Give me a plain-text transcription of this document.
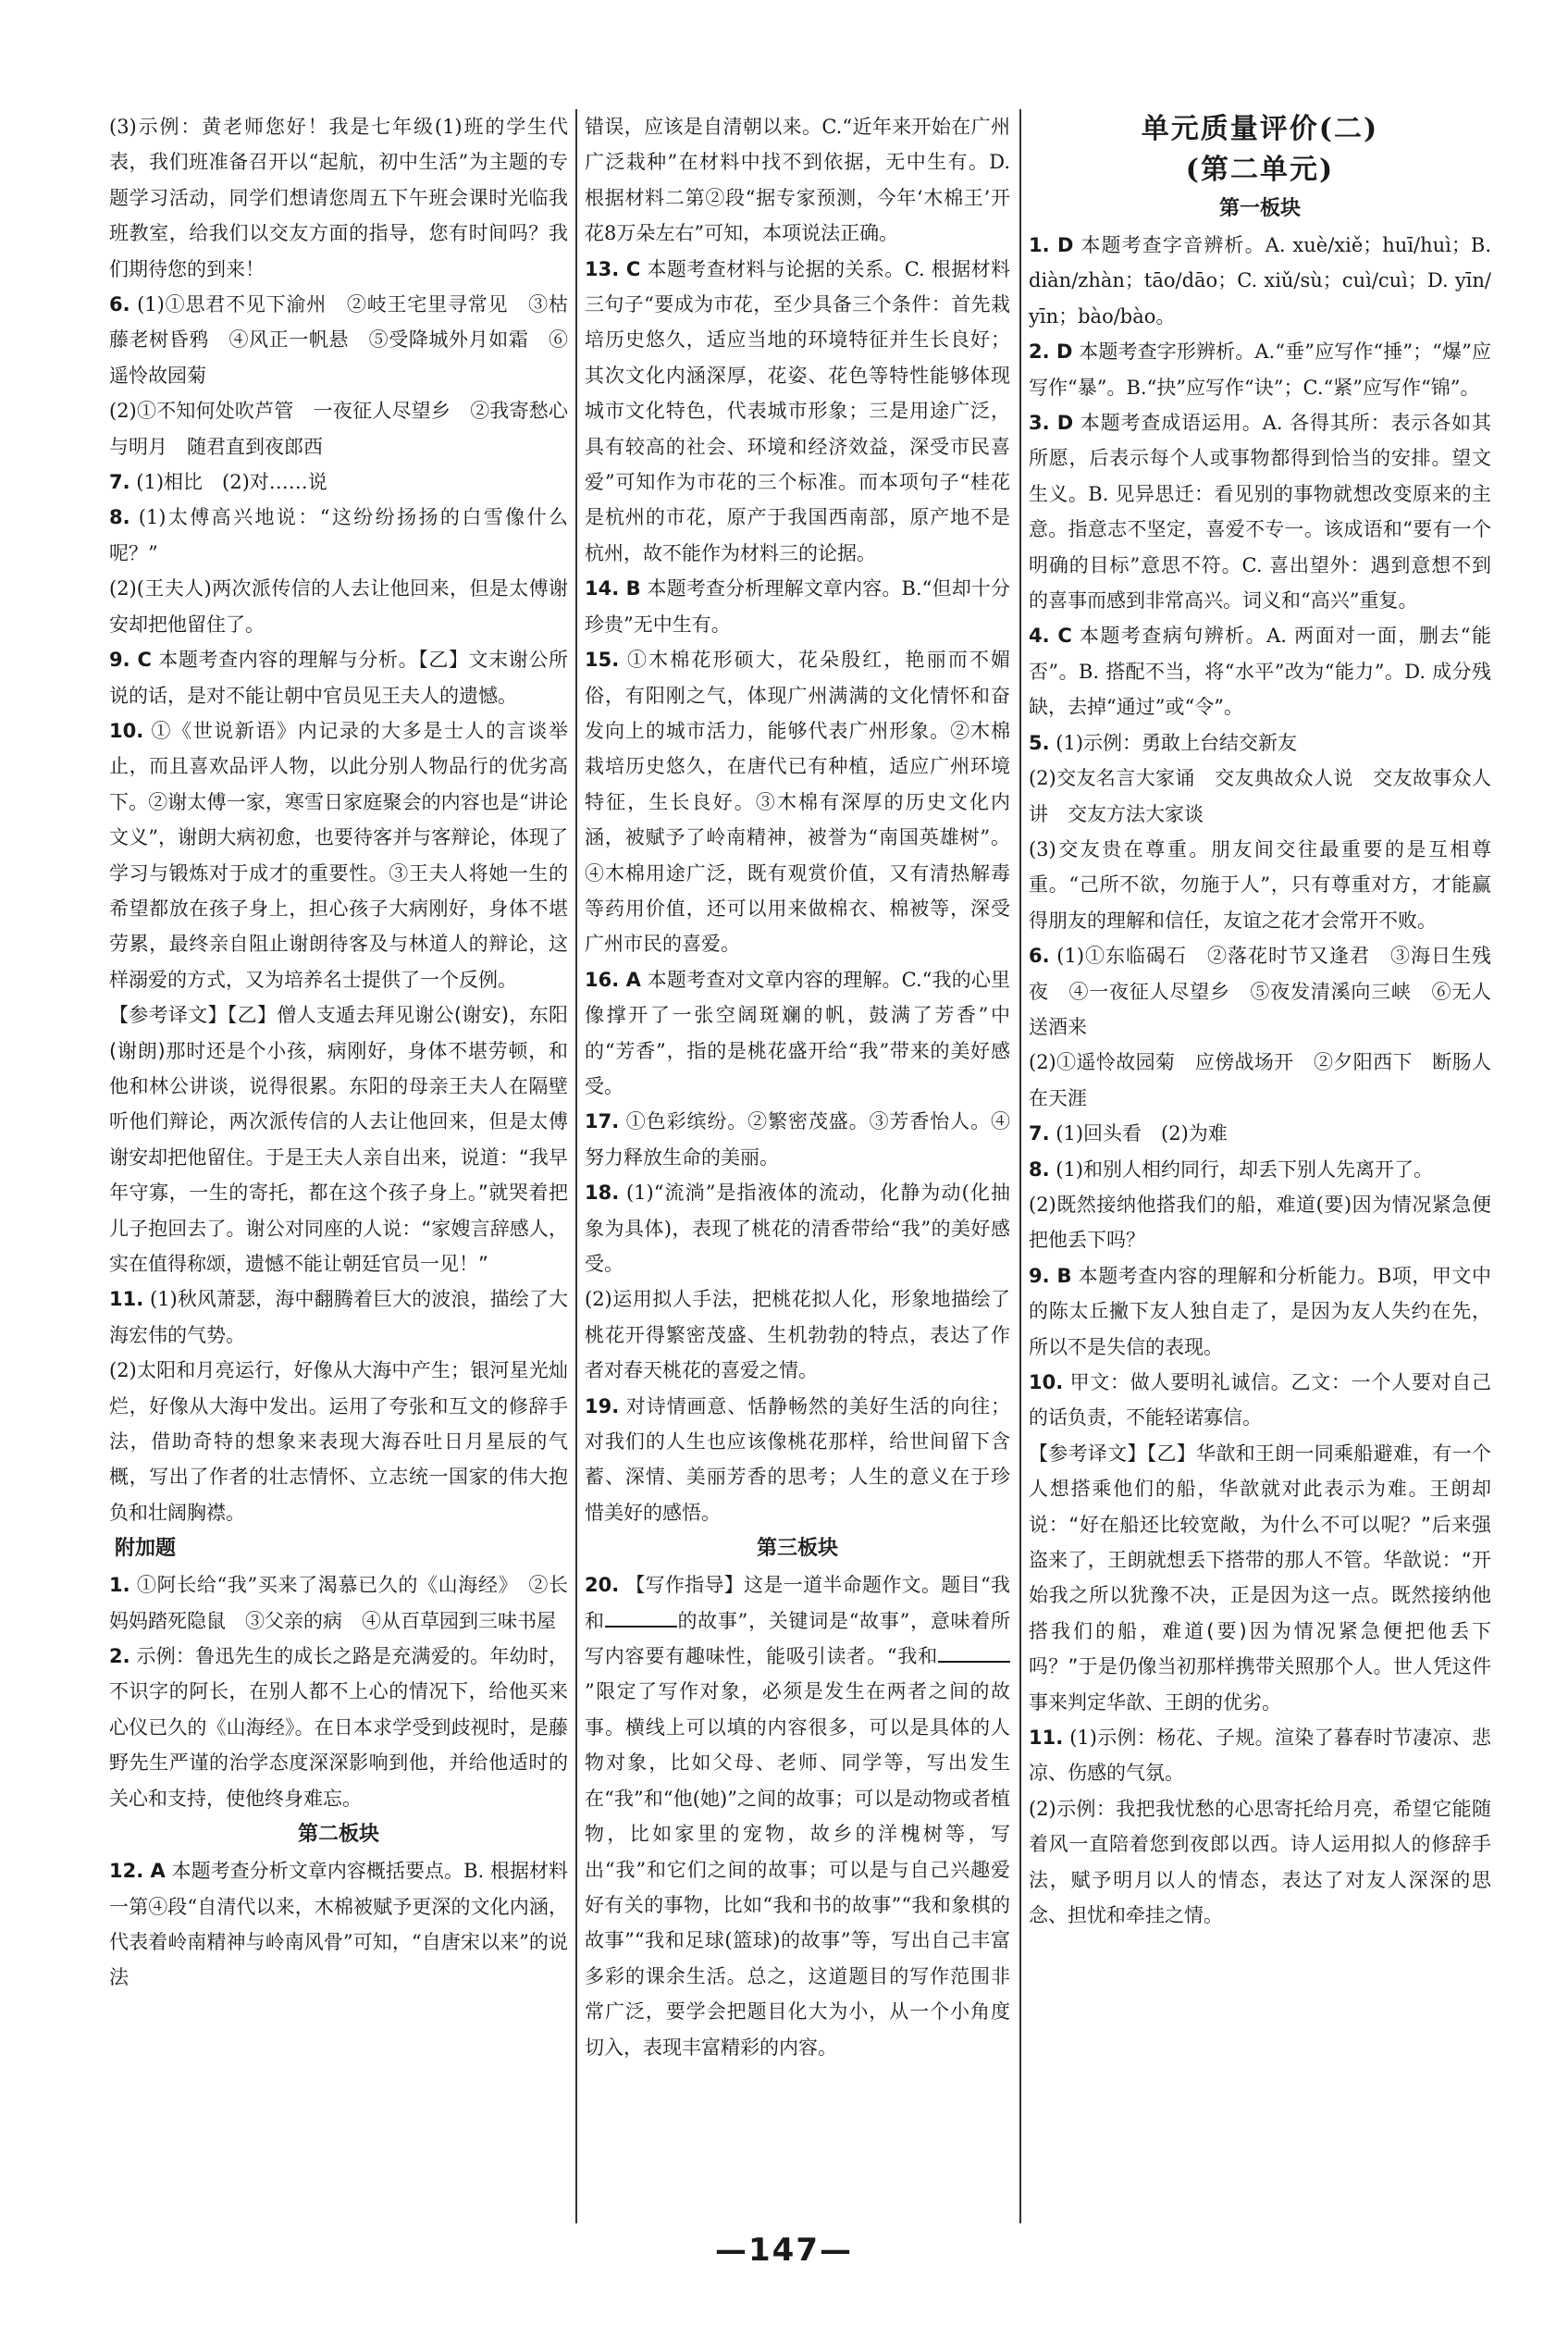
(3)示例：黄老师您好！我是七年级(1)班的学生代表，我们班准备召开以“起航，初中生活”为主题的专题学习活动，同学们想请您周五下午班会课时光临我班教室，给我们以交友方面的指导，您有时间吗？我们期待您的到来！

6. (1)①思君不见下渝州　②岐王宅里寻常见　③枯藤老树昏鸦　④风正一帆悬　⑤受降城外月如霜　⑥遥怜故园菊

(2)①不知何处吹芦管　一夜征人尽望乡　②我寄愁心与明月　随君直到夜郎西

7. (1)相比　(2)对……说

8. (1)太傅高兴地说：“这纷纷扬扬的白雪像什么呢？”

(2)(王夫人)两次派传信的人去让他回来，但是太傅谢安却把他留住了。

9. C 本题考查内容的理解与分析。【乙】文末谢公所说的话，是对不能让朝中官员见王夫人的遗憾。

10. ①《世说新语》内记录的大多是士人的言谈举止，而且喜欢品评人物，以此分别人物品行的优劣高下。②谢太傅一家，寒雪日家庭聚会的内容也是“讲论文义”，谢朗大病初愈，也要待客并与客辩论，体现了学习与锻炼对于成才的重要性。③王夫人将她一生的希望都放在孩子身上，担心孩子大病刚好，身体不堪劳累，最终亲自阻止谢朗待客及与林道人的辩论，这样溺爱的方式，又为培养名士提供了一个反例。

【参考译文】【乙】僧人支遁去拜见谢公(谢安)，东阳(谢朗)那时还是个小孩，病刚好，身体不堪劳顿，和他和林公讲谈，说得很累。东阳的母亲王夫人在隔壁听他们辩论，两次派传信的人去让他回来，但是太傅谢安却把他留住。于是王夫人亲自出来，说道：“我早年守寡，一生的寄托，都在这个孩子身上。”就哭着把儿子抱回去了。谢公对同座的人说：“家嫂言辞感人，实在值得称颂，遗憾不能让朝廷官员一见！”

11. (1)秋风萧瑟，海中翻腾着巨大的波浪，描绘了大海宏伟的气势。

(2)太阳和月亮运行，好像从大海中产生；银河星光灿烂，好像从大海中发出。运用了夸张和互文的修辞手法，借助奇特的想象来表现大海吞吐日月星辰的气概，写出了作者的壮志情怀、立志统一国家的伟大抱负和壮阔胸襟。

附加题

1. ①阿长给“我”买来了渴慕已久的《山海经》　②长妈妈踏死隐鼠　③父亲的病　④从百草园到三味书屋

2. 示例：鲁迅先生的成长之路是充满爱的。年幼时，不识字的阿长，在别人都不上心的情况下，给他买来心仪已久的《山海经》。在日本求学受到歧视时，是藤野先生严谨的治学态度深深影响到他，并给他适时的关心和支持，使他终身难忘。

第二板块

12. A 本题考查分析文章内容概括要点。B. 根据材料一第④段“自清代以来，木棉被赋予更深的文化内涵，代表着岭南精神与岭南风骨”可知，“自唐宋以来”的说法

错误，应该是自清朝以来。C.“近年来开始在广州广泛栽种”在材料中找不到依据，无中生有。D. 根据材料二第②段“据专家预测，今年‘木棉王’开花8万朵左右”可知，本项说法正确。

13. C 本题考查材料与论据的关系。C. 根据材料三句子“要成为市花，至少具备三个条件：首先栽培历史悠久，适应当地的环境特征并生长良好；其次文化内涵深厚，花姿、花色等特性能够体现城市文化特色，代表城市形象；三是用途广泛，具有较高的社会、环境和经济效益，深受市民喜爱”可知作为市花的三个标准。而本项句子“桂花是杭州的市花，原产于我国西南部，原产地不是杭州，故不能作为材料三的论据。

14. B 本题考查分析理解文章内容。B.“但却十分珍贵”无中生有。

15. ①木棉花形硕大，花朵殷红，艳丽而不媚俗，有阳刚之气，体现广州满满的文化情怀和奋发向上的城市活力，能够代表广州形象。②木棉栽培历史悠久，在唐代已有种植，适应广州环境特征，生长良好。③木棉有深厚的历史文化内涵，被赋予了岭南精神，被誉为“南国英雄树”。④木棉用途广泛，既有观赏价值，又有清热解毒等药用价值，还可以用来做棉衣、棉被等，深受广州市民的喜爱。

16. A 本题考查对文章内容的理解。C.“我的心里像撑开了一张空阔斑斓的帆，鼓满了芳香”中的“芳香”，指的是桃花盛开给“我”带来的美好感受。

17. ①色彩缤纷。②繁密茂盛。③芳香怡人。④努力释放生命的美丽。

18. (1)“流淌”是指液体的流动，化静为动(化抽象为具体)，表现了桃花的清香带给“我”的美好感受。

(2)运用拟人手法，把桃花拟人化，形象地描绘了桃花开得繁密茂盛、生机勃勃的特点，表达了作者对春天桃花的喜爱之情。

19. 对诗情画意、恬静畅然的美好生活的向往；对我们的人生也应该像桃花那样，给世间留下含蓄、深情、美丽芳香的思考；人生的意义在于珍惜美好的感悟。

第三板块

20. 【写作指导】这是一道半命题作文。题目“我和	的故事”，关键词是“故事”，意味着所写内容要有趣味性，能吸引读者。“我和”限定了写作对象，必须是发生在两者之间的故事。横线上可以填的内容很多，可以是具体的人物对象，比如父母、老师、同学等，写出发生在“我”和“他(她)”之间的故事；可以是动物或者植物，比如家里的宠物，故乡的洋槐树等，写出“我”和它们之间的故事；可以是与自己兴趣爱好有关的事物，比如“我和书的故事”“我和象棋的故事”“我和足球(篮球)的故事”等，写出自己丰富多彩的课余生活。总之，这道题目的写作范围非常广泛，要学会把题目化大为小，从一个小角度切入，表现丰富精彩的内容。

单元质量评价(二)
(第二单元)
第一板块

1. D 本题考查字音辨析。A. xuè/xiě；huī/huì；B. diàn/zhàn；tāo/dāo；C. xiǔ/sù；cuì/cuì；D. yīn/yīn；bào/bào。

2. D 本题考查字形辨析。A.“垂”应写作“捶”；“爆”应写作“暴”。B.“抉”应写作“诀”；C.“紧”应写作“锦”。

3. D 本题考查成语运用。A. 各得其所：表示各如其所愿，后表示每个人或事物都得到恰当的安排。望文生义。B. 见异思迁：看见别的事物就想改变原来的主意。指意志不坚定，喜爱不专一。该成语和“要有一个明确的目标”意思不符。C. 喜出望外：遇到意想不到的喜事而感到非常高兴。词义和“高兴”重复。

4. C 本题考查病句辨析。A. 两面对一面，删去“能否”。B. 搭配不当，将“水平”改为“能力”。D. 成分残缺，去掉“通过”或“令”。

5. (1)示例：勇敢上台结交新友

(2)交友名言大家诵　交友典故众人说　交友故事众人讲　交友方法大家谈

(3)交友贵在尊重。朋友间交往最重要的是互相尊重。“己所不欲，勿施于人”，只有尊重对方，才能赢得朋友的理解和信任，友谊之花才会常开不败。

6. (1)①东临碣石　②落花时节又逢君　③海日生残夜　④一夜征人尽望乡　⑤夜发清溪向三峡　⑥无人送酒来

(2)①遥怜故园菊　应傍战场开　②夕阳西下　断肠人在天涯

7. (1)回头看　(2)为难

8. (1)和别人相约同行，却丢下别人先离开了。

(2)既然接纳他搭我们的船，难道(要)因为情况紧急便把他丢下吗？

9. B 本题考查内容的理解和分析能力。B项，甲文中的陈太丘撇下友人独自走了，是因为友人失约在先，所以不是失信的表现。

10. 甲文：做人要明礼诚信。乙文：一个人要对自己的话负责，不能轻诺寡信。

【参考译文】【乙】华歆和王朗一同乘船避难，有一个人想搭乘他们的船，华歆就对此表示为难。王朗却说：“好在船还比较宽敞，为什么不可以呢？”后来强盗来了，王朗就想丢下搭带的那人不管。华歆说：“开始我之所以犹豫不决，正是因为这一点。既然接纳他搭我们的船，难道(要)因为情况紧急便把他丢下吗？”于是仍像当初那样携带关照那个人。世人凭这件事来判定华歆、王朗的优劣。

11. (1)示例：杨花、子规。渲染了暮春时节凄凉、悲凉、伤感的气氛。

(2)示例：我把我忧愁的心思寄托给月亮，希望它能随着风一直陪着您到夜郎以西。诗人运用拟人的修辞手法，赋予明月以人的情态，表达了对友人深深的思念、担忧和牵挂之情。

—147—
